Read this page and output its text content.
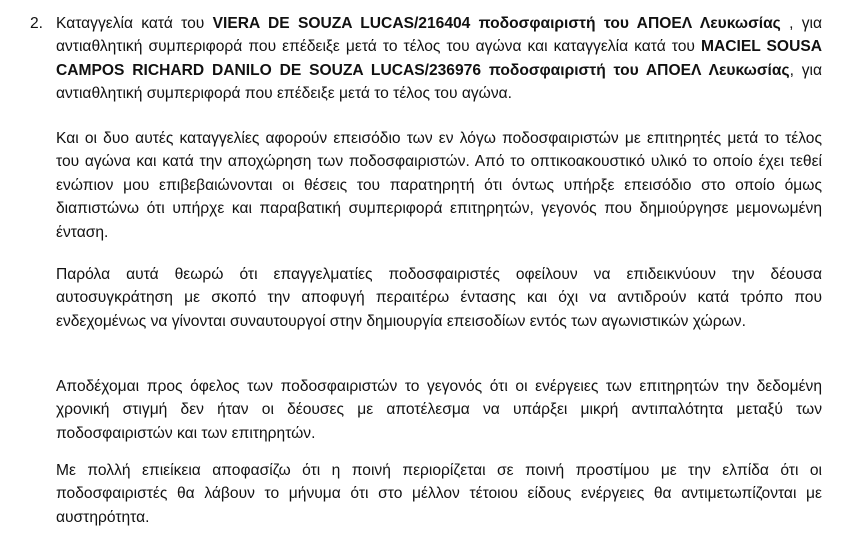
2. Καταγγελία κατά του VIERA DE SOUZA LUCAS/216404 ποδοσφαιριστή του ΑΠΟΕΛ Λευκωσίας , για αντιαθλητική συμπεριφορά που επέδειξε μετά το τέλος του αγώνα και καταγγελία κατά του MACIEL SOUSA CAMPOS RICHARD DANILO DE SOUZA LUCAS/236976 ποδοσφαιριστή του ΑΠΟΕΛ Λευκωσίας, για αντιαθλητική συμπεριφορά που επέδειξε μετά το τέλος του αγώνα.

Και οι δυο αυτές καταγγελίες αφορούν επεισόδιο των εν λόγω ποδοσφαιριστών με επιτηρητές μετά το τέλος του αγώνα και κατά την αποχώρηση των ποδοσφαιριστών. Από το οπτικοακουστικό υλικό το οποίο έχει τεθεί ενώπιον μου επιβεβαιώνονται οι θέσεις του παρατηρητή ότι όντως υπήρξε επεισόδιο στο οποίο όμως διαπιστώνω ότι υπήρχε και παραβατική συμπεριφορά επιτηρητών, γεγονός που δημιούργησε μεμονωμένη ένταση.

Παρόλα αυτά θεωρώ ότι επαγγελματίες ποδοσφαιριστές οφείλουν να επιδεικνύουν την δέουσα αυτοσυγκράτηση με σκοπό την αποφυγή περαιτέρω έντασης και όχι να αντιδρούν κατά τρόπο που ενδεχομένως να γίνονται συναυτουργοί στην δημιουργία επεισοδίων εντός των αγωνιστικών χώρων.

Αποδέχομαι προς όφελος των ποδοσφαιριστών το γεγονός ότι οι ενέργειες των επιτηρητών την δεδομένη χρονική στιγμή δεν ήταν οι δέουσες με αποτέλεσμα να υπάρξει μικρή αντιπαλότητα μεταξύ των ποδοσφαιριστών και των επιτηρητών.

Με πολλή επιείκεια αποφασίζω ότι η ποινή περιορίζεται σε ποινή προστίμου με την ελπίδα ότι οι ποδοσφαιριστές θα λάβουν το μήνυμα ότι στο μέλλον τέτοιου είδους ενέργειες θα αντιμετωπίζονται με αυστηρότητα.
